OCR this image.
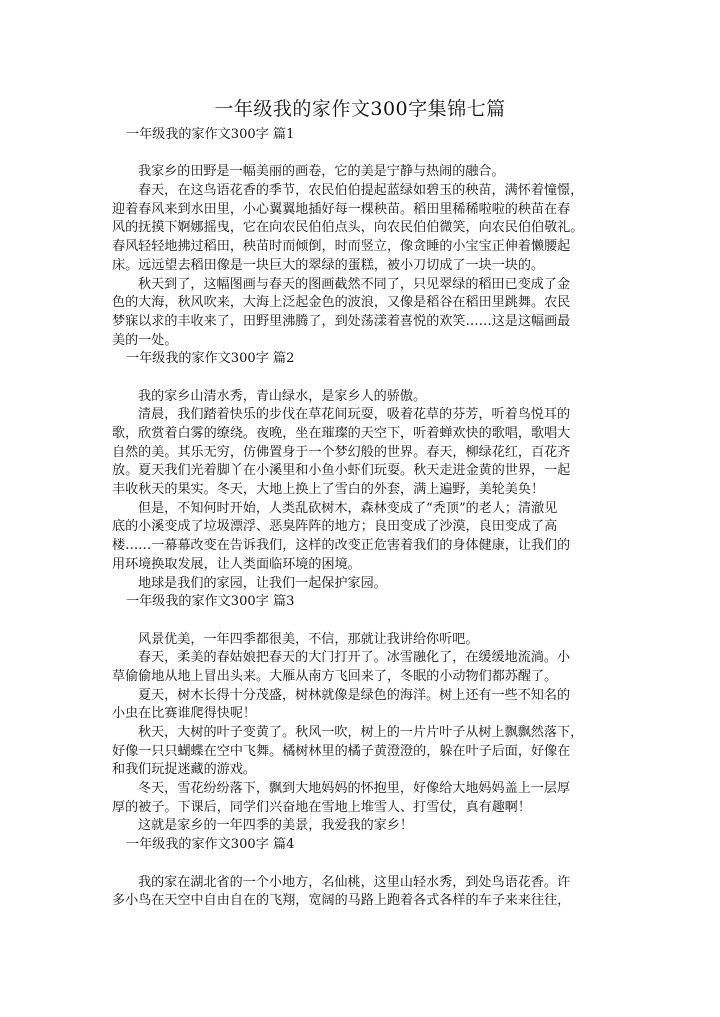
一年级我的家作文300字集锦七篇
一年级我的家作文300字 篇1
我家乡的田野是一幅美丽的画卷，它的美是宁静与热闹的融合。
春天，在这鸟语花香的季节，农民伯伯提起蓝绿如碧玉的秧苗，满怀着憧憬，
迎着春风来到水田里，小心翼翼地插好每一棵秧苗。稻田里稀稀啦啦的秧苗在春
风的抚摸下婀娜摇曳，它在向农民伯伯点头，向农民伯伯微笑，向农民伯伯敬礼。
春风轻轻地拂过稻田，秧苗时而倾倒，时而竖立，像贪睡的小宝宝正伸着懒腰起
床。远远望去稻田像是一块巨大的翠绿的蛋糕，被小刀切成了一块一块的。
秋天到了，这幅图画与春天的图画截然不同了，只见翠绿的稻田已变成了金
色的大海，秋风吹来，大海上泛起金色的波浪，又像是稻谷在稻田里跳舞。农民
梦寐以求的丰收来了，田野里沸腾了，到处荡漾着喜悦的欢笑……这是这幅画最
美的一处。
一年级我的家作文300字 篇2
我的家乡山清水秀，青山绿水，是家乡人的骄傲。
清晨，我们踏着快乐的步伐在草花间玩耍，吸着花草的芬芳，听着鸟悦耳的
歌，欣赏着白雾的缭绕。夜晚，坐在璀璨的天空下，听着蝉欢快的歌唱，歌唱大
自然的美。其乐无穷，仿佛置身于一个梦幻般的世界。春天，柳绿花红，百花齐
放。夏天我们光着脚丫在小溪里和小鱼小虾们玩耍。秋天走进金黄的世界，一起
丰收秋天的果实。冬天，大地上换上了雪白的外套，满上遍野，美轮美奂！
但是，不知何时开始，人类乱砍树木，森林变成了“秃顶”的老人；清澈见
底的小溪变成了垃圾漂浮、恶臭阵阵的地方；良田变成了沙漠，良田变成了高
楼……一幕幕改变在告诉我们，这样的改变正危害着我们的身体健康，让我们的
用环境换取发展，让人类面临环境的困境。
地球是我们的家园，让我们一起保护家园。
一年级我的家作文300字 篇3
风景优美，一年四季都很美，不信，那就让我讲给你听吧。
春天，柔美的春姑娘把春天的大门打开了。冰雪融化了，在缓缓地流淌。小
草偷偷地从地上冒出头来。大雁从南方飞回来了，冬眠的小动物们都苏醒了。
夏天，树木长得十分茂盛，树林就像是绿色的海洋。树上还有一些不知名的
小虫在比赛谁爬得快呢！
秋天，大树的叶子变黄了。秋风一吹，树上的一片片叶子从树上飘飘然落下，
好像一只只蝴蝶在空中飞舞。橘树林里的橘子黄澄澄的，躲在叶子后面，好像在
和我们玩捉迷藏的游戏。
冬天，雪花纷纷落下，飘到大地妈妈的怀抱里，好像给大地妈妈盖上一层厚
厚的被子。下课后，同学们兴奋地在雪地上堆雪人、打雪仗，真有趣啊！
这就是家乡的一年四季的美景，我爱我的家乡！
一年级我的家作文300字 篇4
我的家在湖北省的一个小地方，名仙桃，这里山轻水秀，到处鸟语花香。许
多小鸟在天空中自由自在的飞翔，宽阔的马路上跑着各式各样的车子来来往往，
